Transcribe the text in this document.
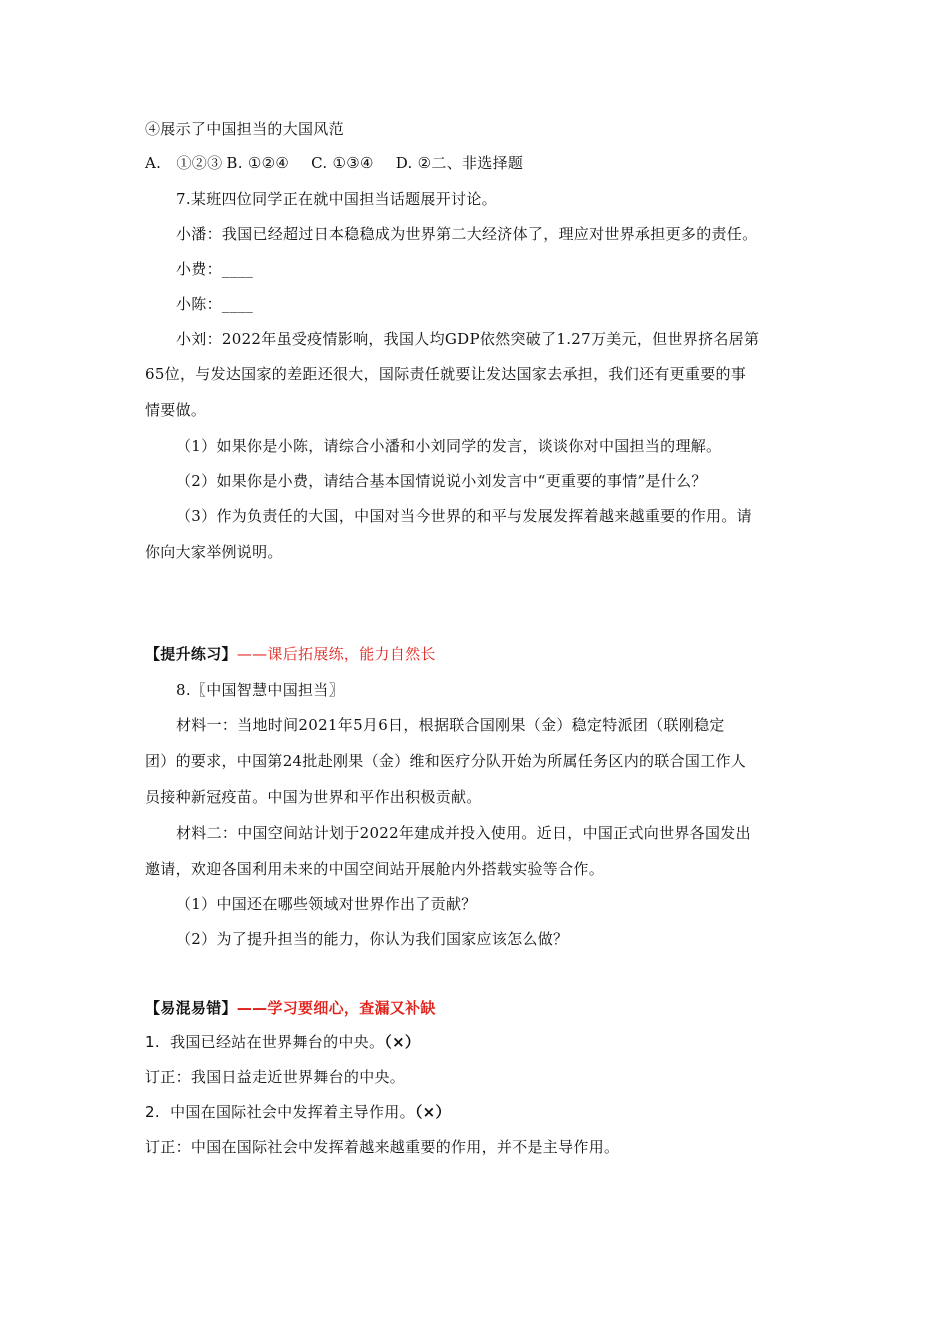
④展示了中国担当的大国风范
A.　①②③ B. ①②④ C. ①③④ D. ②二、非选择题
7.某班四位同学正在就中国担当话题展开讨论。
小潘：我国已经超过日本稳稳成为世界第二大经济体了，理应对世界承担更多的责任。
小费：____
小陈：____
小刘：2022年虽受疫情影响，我国人均GDP依然突破了1.27万美元，但世界挤名居第
65位，与发达国家的差距还很大，国际责任就要让发达国家去承担，我们还有更重要的事
情要做。
（1）如果你是小陈，请综合小潘和小刘同学的发言，谈谈你对中国担当的理解。
（2）如果你是小费，请结合基本国情说说小刘发言中“更重要的事情”是什么？
（3）作为负责任的大国，中国对当今世界的和平与发展发挥着越来越重要的作用。请
你向大家举例说明。
【提升练习】——课后拓展练，能力自然长
8.〖中国智慧中国担当〗
材料一：当地时间2021年5月6日，根据联合国刚果（金）稳定特派团（联刚稳定
团）的要求，中国第24批赴刚果（金）维和医疗分队开始为所属任务区内的联合国工作人
员接种新冠疫苗。中国为世界和平作出积极贡献。
材料二：中国空间站计划于2022年建成并投入使用。近日，中国正式向世界各国发出
邀请，欢迎各国利用未来的中国空间站开展舱内外搭载实验等合作。
（1）中国还在哪些领域对世界作出了贡献？
（2）为了提升担当的能力，你认为我们国家应该怎么做？
【易混易错】——学习要细心，查漏又补缺
1. 我国已经站在世界舞台的中央。（×）
订正：我国日益走近世界舞台的中央。
2. 中国在国际社会中发挥着主导作用。（×）
订正：中国在国际社会中发挥着越来越重要的作用，并不是主导作用。
